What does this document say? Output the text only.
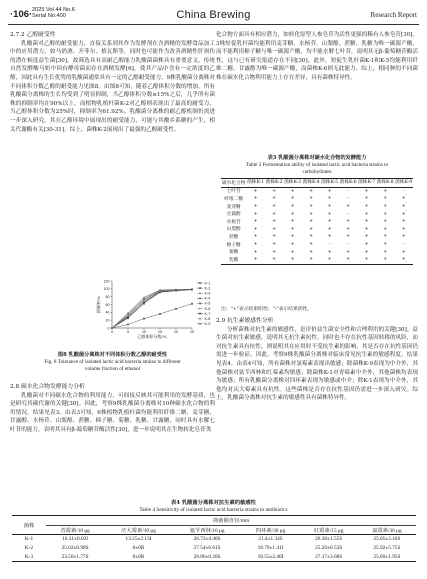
·106· 2025 Vol.44 No.6
Serial No.400	China Brewing	Research Report
2.7.2 乙醇耐受性

乳酸菌对乙醇的耐受能力，直接关系到其作为发酵剂在含酒精的发酵食品加工中的应用潜力，如马奶酒、开菲尔、格瓦斯等，同时也可能作为改善酒精性肝损伤的潜在候选益生菌[30]。故筛选具有高耐乙醇能力乳酸菌菌株具有重要意义。传统自然发酵酸马奶中因有酵母菌而存在酒精发酵[6]，使其产品中含有一定浓度的乙醇，因此具有生长优势的乳酸菌通常具有一定的乙醇耐受能力。9株乳酸菌分离株对不同体积分数乙醇的耐受能力见图8。由图8可知，随着乙醇体积分数的增加，所有乳酸菌分离株的生长均受到了明显抑制，当乙醇体积分数≥15%之后，几乎所有菌株的抑制率均在90%以上，而植物乳植杆菌K-2对乙醇则表现出了最高的耐受力，当乙醇体积分数为25%时，抑制率为61.92%。乳酸菌分离株的耐乙醇机制仍需进一步深入研究，其在乙醇环境中展现出的耐受能力，可能与其酿乡系糖的产生，相关代谢酶有关[30-31]。综上，菌株K-2展现出了最强的乙醇耐受性。

0
20
40
60
80
100
120
0	5	10	15	20	25
乙醇体积分数/%
抑制率/%
K-1
K-2
K-3
K-4
K-5
K-6
K-7
K-8
K-9
图8 乳酸菌分离株对不同体积分数乙醇的耐受性
Fig. 8 Tolerance of isolated lactic acid bacteria strains to different
volume fraction of ethanol
2.8 碳水化合物发酵能力分析

乳酸菌对不同碳水化合物的利用能力，可间接反映其可能利用的发酵基质，也是研究其碳代谢的关键[30]。因此，考察9株乳酸菌分离株对10种碳水化合物的利用情况，结果见表3。由表3可知，6株植物乳植杆菌均能利用纤维二糖、麦芽糖、甘露醇、水杨苷、山梨醇、蔗糖、棉子糖、菊糖、乳糖、甘露糖，同时具有水解七叶苷的能力，表明其具有β-葡萄糖苷酶活性[30]，进一步说明其在生物转化皂苷类

化合物方面具有相应潜力，如转化原型人参皂苷为活性更强的稀有人参皂苷[30]。3株短促乳杆菌均能利用麦芽糖、水杨苷、山梨醇、蔗糖、乳糖为唯一碳源产酸，而不能利用棉子糖与唯一碳源产酸，均不能水解七叶苷，说明其无β-葡萄糖苷酶活性，这与已有研究报道存在不同[30]。此外，短促生乳杆菌K-1和K-5均能利用纤维二糖、甘露醇为唯一碳源产酸，而菌株K-6则无此能力。综上，相同种的不同菌株在碳水化合物利用能力上存在差异，具有菌株特异性。

表3 乳酸菌分离株对碳水化合物的发酵能力
Table 3 Fermentation ability of isolated lactic acid bacteria strains to
carbohydrates
碳水化合物	菌株K-1	菌株K-2	菌株K-3	菌株K-4	菌株K-5	菌株K-6	菌株K-7	菌株K-8	菌株K-9
七叶苷	+	+	+	+	+	-	+	+	-
纤维二糖	+	+	+	+	+	-	+	+	+
麦芽糖	+	+	+	+	+	+	+	+	+
甘露醇	+	+	+	+	+	-	+	+	+
水杨苷	+	+	+	+	+	+	+	+	+
山梨醇	+	+	+	+	+	+	+	+	+
蔗糖	+	+	+	+	+	+	+	+	+
棉子糖	+	+	+	+	-	-	+	+	-
菊糖	+	+	+	+	+	+	+	+	+
乳糖	+	+	+	+	+	+	+	+	+
注："+"表示结果阳性；"-"表示结果阴性。
2.9 抗生素敏感性分析

分析菌株对抗生素的敏感性，是评价益生菌安全性和合理利用的关键[30]。益生菌对抗生素敏感，说明其无抗生素抗性，同时也不存在抗性基因转移的风险，而对抗生素具有抗性，则说明其在应用时不受抗生素的影响，其是否存在抗性基因仍需进一步验证。因此，考察9株乳酸菌分离株对临床常见抗生素的敏感程度，结果见表4。由表4可知，所有菌株对氯霉素表现出敏感；除菌株K-9表现为中介外，其他菌株对氨苄西林和红霉素均敏感；除菌株K-1对青霉素中介外，其他菌株均表现为敏感；所有乳酸菌分离株对四环素表现为敏感或中介；除K-1表现为中介外，其他均对庆大霉素具有抗性。这些菌株是否存在抗性基因仍需进一步深入研究。综上，乳酸菌分离株对抗生素的敏感性具有菌株特异性。

表4 乳酸菌分离株对抗生素的敏感性
Table 4 Sensitivity of isolated lactic acid bacteria strains to antibiotics
菌株	抑菌圈直径/mm					
	青霉素/10 μg	庆大霉素/10 μg	氨苄西林/10 μg	四环素/30 μg	红霉素/15 μg	氯霉素/30 μg
K-1	16.31±0.02I	13.25±2.13I	26.72±4.48S	21.4±1.34S	26.38±1.55S	25.05±3.10S
K-2	25.02±0.98S	0±0R	27.54±6.61S	18.79±1.41I	25.20±0.53S	25.92±5.75S
K-3	23.50±1.77S	0±0R	28.86±0.28S	18.55±2.40I	27.17±3.08S	25.60±1.95S
